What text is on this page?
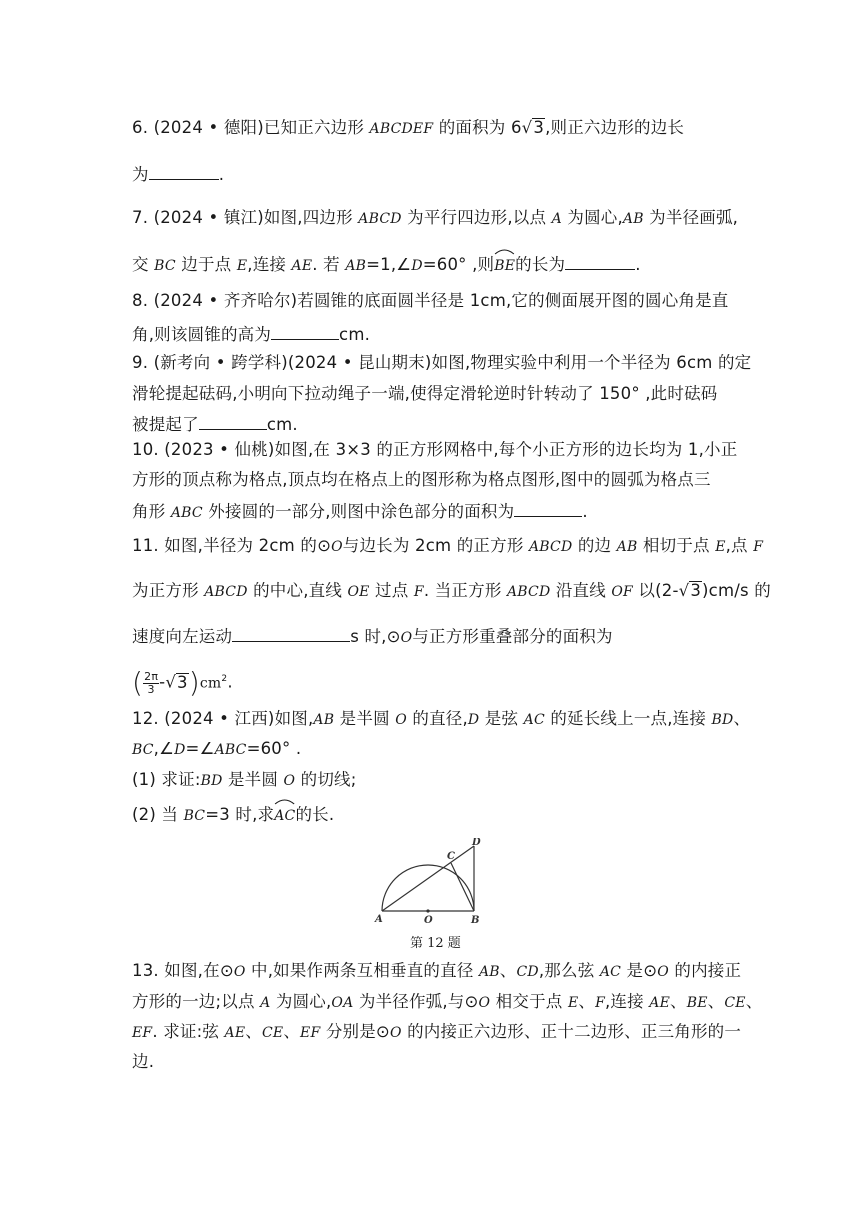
6. (2024 • 德阳)已知正六边形 ABCDEF 的面积为 6√3,则正六边形的边长
为	.
7. (2024 • 镇江)如图,四边形 ABCD 为平行四边形,以点 A 为圆心,AB 为半径画弧,
交 BC 边于点 E,连接 AE. 若 AB=1,∠D=60° ,则BE
的长为	.
8. (2024 • 齐齐哈尔)若圆锥的底面圆半径是 1cm,它的侧面展开图的圆心角是直
角,则该圆锥的高为	cm.
9. (新考向 • 跨学科)(2024 • 昆山期末)如图,物理实验中利用一个半径为 6cm 的定
滑轮提起砝码,小明向下拉动绳子一端,使得定滑轮逆时针转动了 150° ,此时砝码
被提起了	cm.
10. (2023 • 仙桃)如图,在 3×3 的正方形网格中,每个小正方形的边长均为 1,小正
方形的顶点称为格点,顶点均在格点上的图形称为格点图形,图中的圆弧为格点三
角形 ABC 外接圆的一部分,则图中涂色部分的面积为	.
11. 如图,半径为 2cm 的⊙O与边长为 2cm 的正方形 ABCD 的边 AB 相切于点 E,点 F
为正方形 ABCD 的中心,直线 OE 过点 F. 当正方形 ABCD 沿直线 OF 以(2-√3)cm/s 的
速度向左运动	s 时,⊙O与正方形重叠部分的面积为
( $\frac{2\pi}{3} -√3)cm^2$.
12. (2024 • 江西)如图,AB 是半圆 O 的直径,D 是弦 AC 的延长线上一点,连接 BD、
BC,∠D=∠ABC=60° .
(1) 求证:BD 是半圆 O 的切线;
(2) 当 BC=3 时,求AC
的长.
A	O	B
C
D
第 12 题
13. 如图,在⊙O 中,如果作两条互相垂直的直径 AB、CD,那么弦 AC 是⊙O 的内接正
方形的一边;以点 A 为圆心,OA 为半径作弧,与⊙O 相交于点 E、F,连接 AE、BE、CE、
EF. 求证:弦 AE、CE、EF 分别是⊙O 的内接正六边形、正十二边形、正三角形的一
边.
